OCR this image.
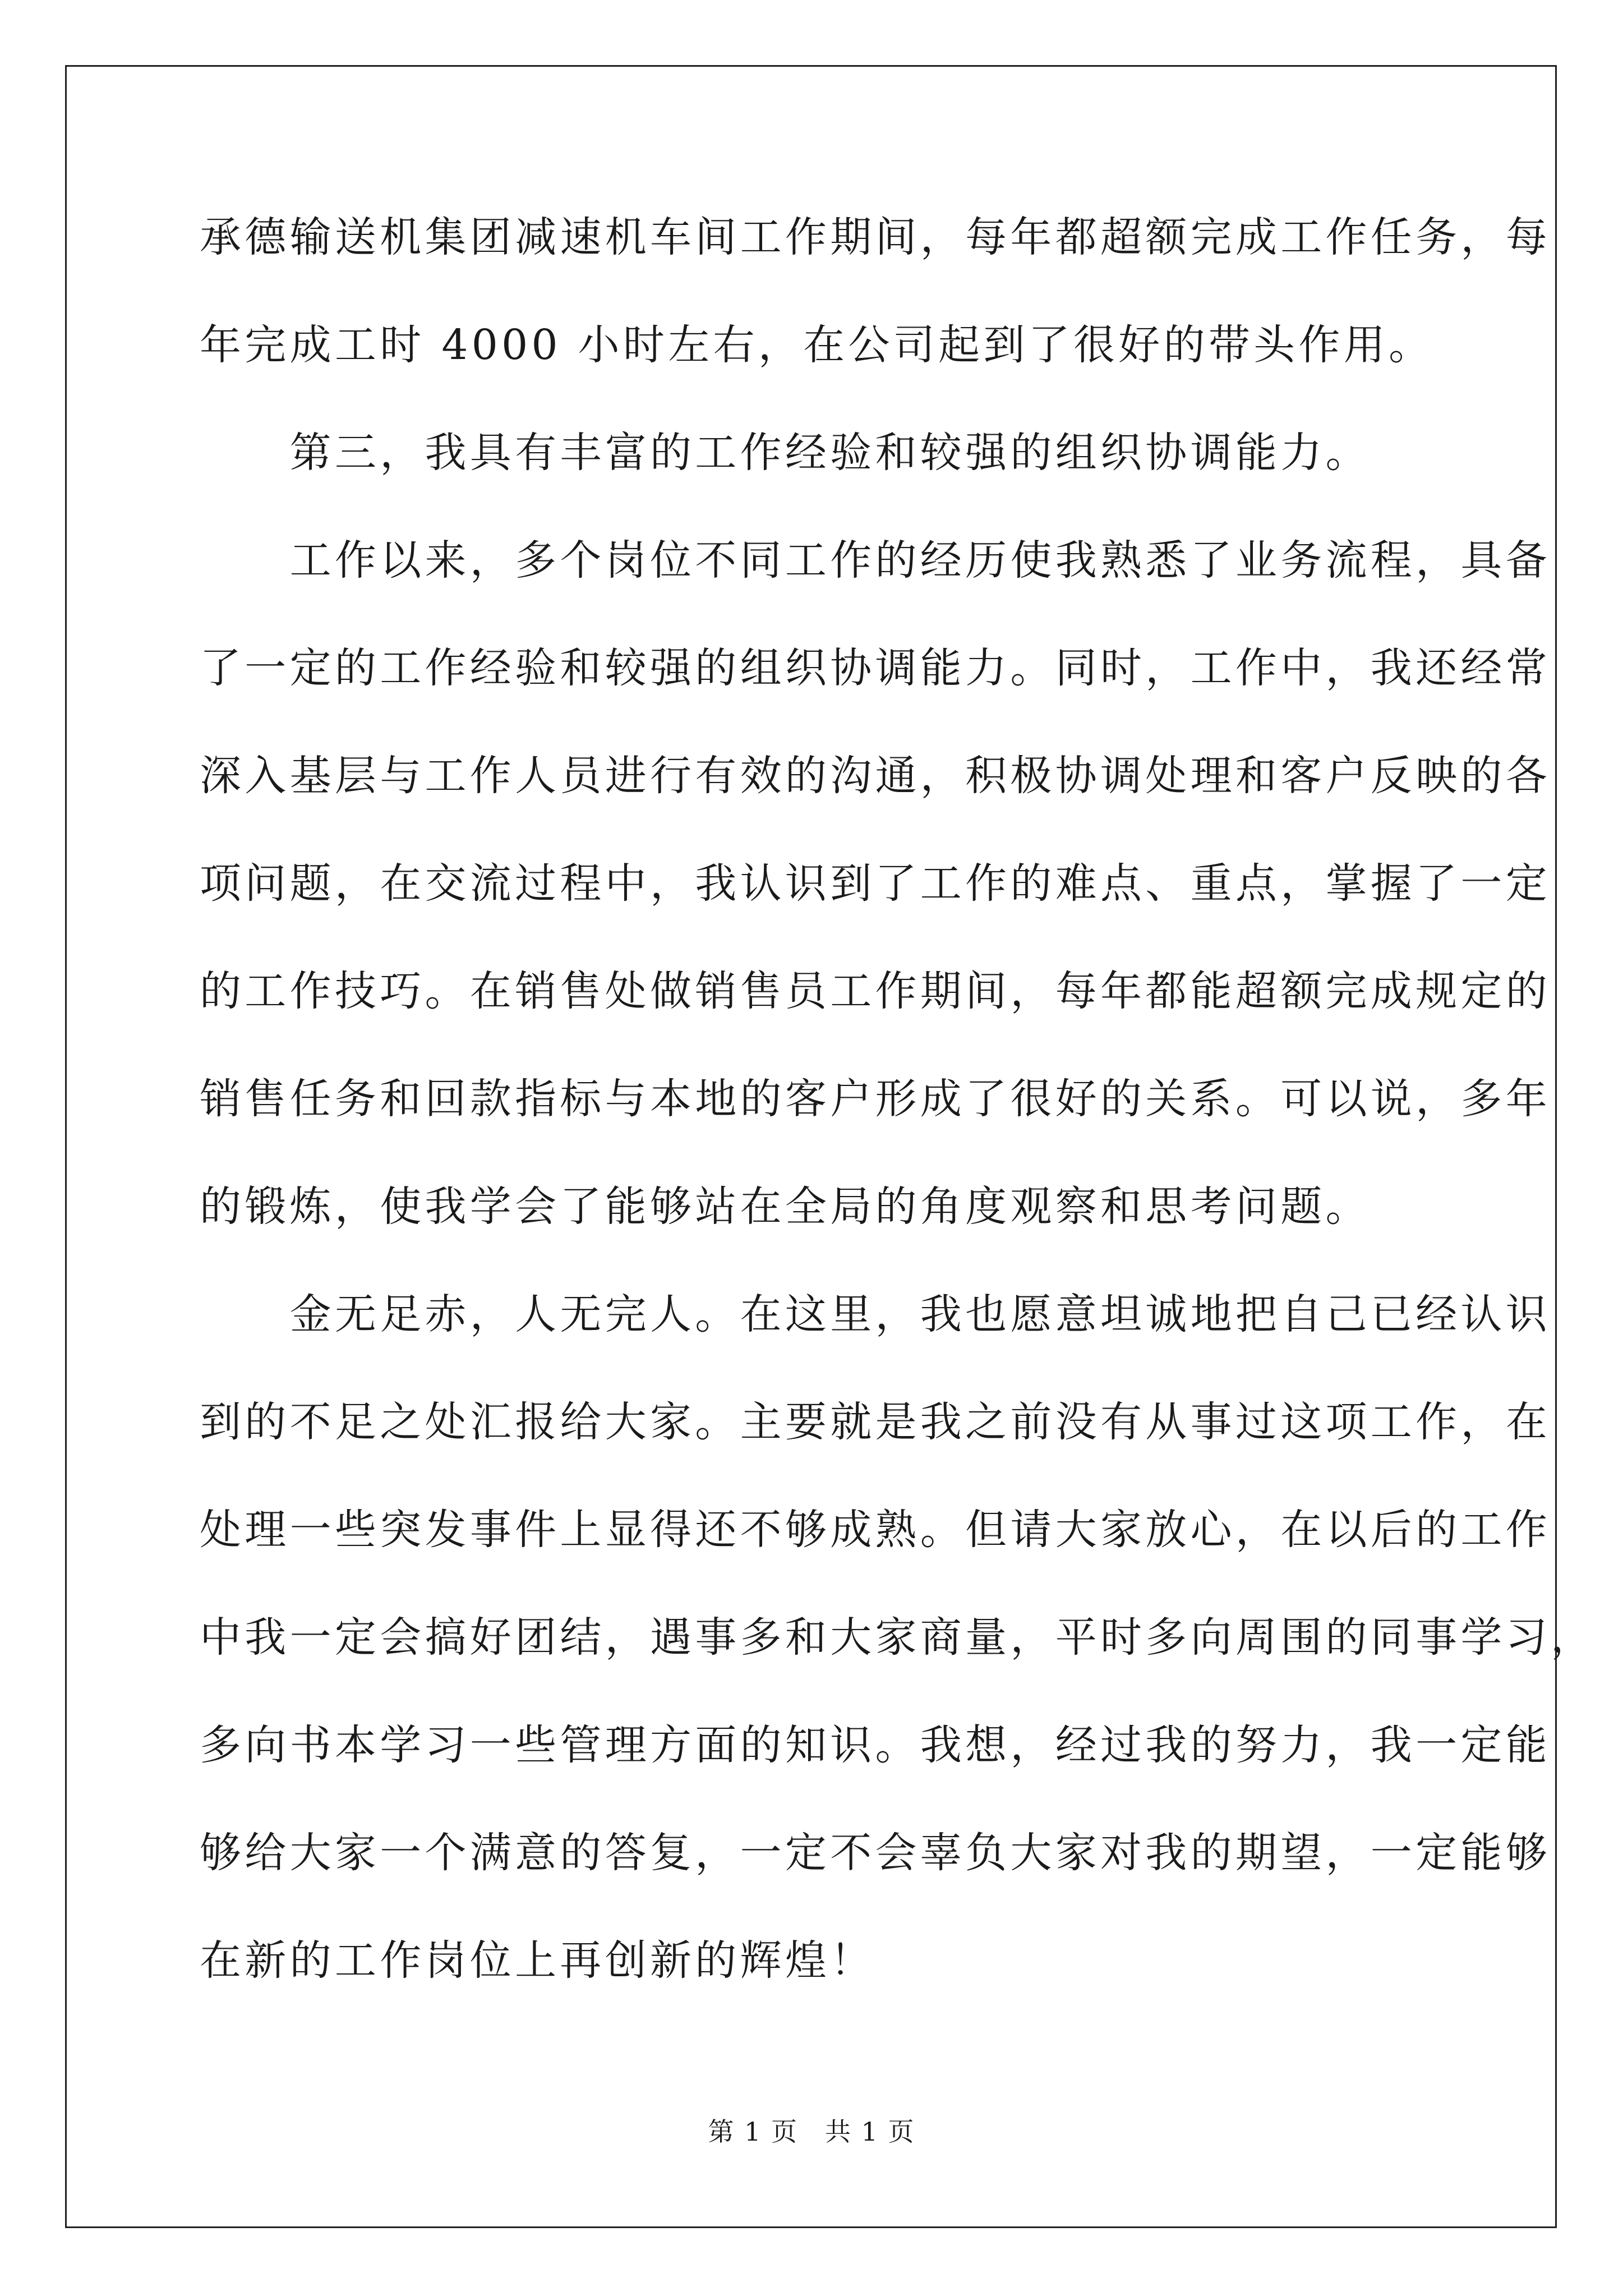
承德输送机集团减速机车间工作期间，每年都超额完成工作任务，每
年完成工时 4000 小时左右，在公司起到了很好的带头作用。
　　第三，我具有丰富的工作经验和较强的组织协调能力。
　　工作以来，多个岗位不同工作的经历使我熟悉了业务流程，具备
了一定的工作经验和较强的组织协调能力。同时，工作中，我还经常
深入基层与工作人员进行有效的沟通，积极协调处理和客户反映的各
项问题，在交流过程中，我认识到了工作的难点、重点，掌握了一定
的工作技巧。在销售处做销售员工作期间，每年都能超额完成规定的
销售任务和回款指标与本地的客户形成了很好的关系。可以说，多年
的锻炼，使我学会了能够站在全局的角度观察和思考问题。
　　金无足赤，人无完人。在这里，我也愿意坦诚地把自己已经认识
到的不足之处汇报给大家。主要就是我之前没有从事过这项工作，在
处理一些突发事件上显得还不够成熟。但请大家放心，在以后的工作
中我一定会搞好团结，遇事多和大家商量，平时多向周围的同事学习，
多向书本学习一些管理方面的知识。我想，经过我的努力，我一定能
够给大家一个满意的答复，一定不会辜负大家对我的期望，一定能够
在新的工作岗位上再创新的辉煌！
第 1 页　共 1 页
